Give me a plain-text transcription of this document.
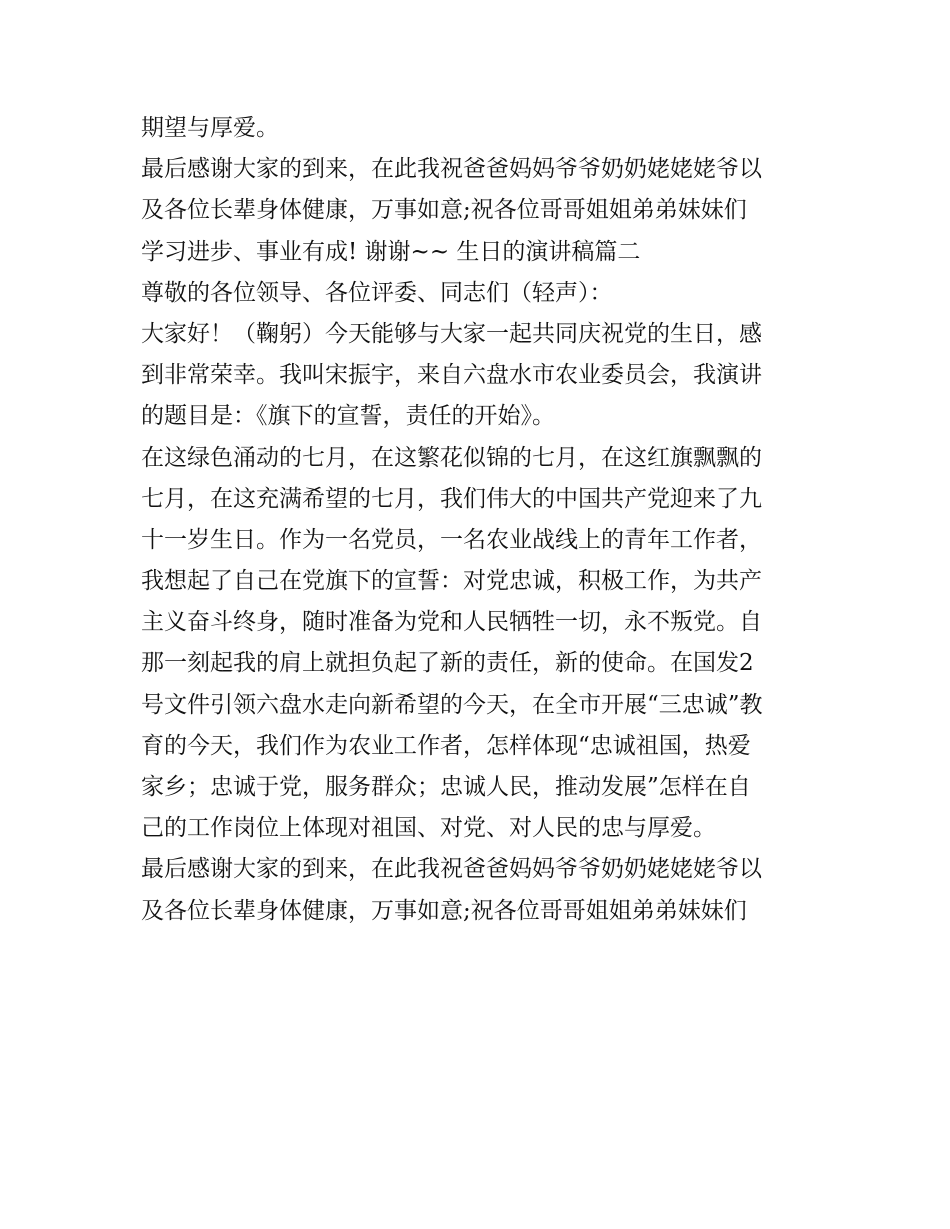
期望与厚爱。
最后感谢大家的到来，在此我祝爸爸妈妈爷爷奶奶姥姥姥爷以
及各位长辈身体健康，万事如意;祝各位哥哥姐姐弟弟妹妹们
学习进步、事业有成! 谢谢~~ 生日的演讲稿篇二
尊敬的各位领导、各位评委、同志们（轻声）：
大家好！（鞠躬）今天能够与大家一起共同庆祝党的生日，感
到非常荣幸。我叫宋振宇，来自六盘水市农业委员会，我演讲
的题目是：《旗下的宣誓，责任的开始》。
在这绿色涌动的七月，在这繁花似锦的七月，在这红旗飘飘的
七月，在这充满希望的七月，我们伟大的中国共产党迎来了九
十一岁生日。作为一名党员，一名农业战线上的青年工作者，
我想起了自己在党旗下的宣誓：对党忠诚，积极工作，为共产
主义奋斗终身，随时准备为党和人民牺牲一切，永不叛党。自
那一刻起我的肩上就担负起了新的责任，新的使命。在国发2
号文件引领六盘水走向新希望的今天，在全市开展“三忠诚”教
育的今天，我们作为农业工作者，怎样体现“忠诚祖国，热爱
家乡；忠诚于党，服务群众；忠诚人民，推动发展”怎样在自
己的工作岗位上体现对祖国、对党、对人民的忠与厚爱。
最后感谢大家的到来，在此我祝爸爸妈妈爷爷奶奶姥姥姥爷以
及各位长辈身体健康，万事如意;祝各位哥哥姐姐弟弟妹妹们
